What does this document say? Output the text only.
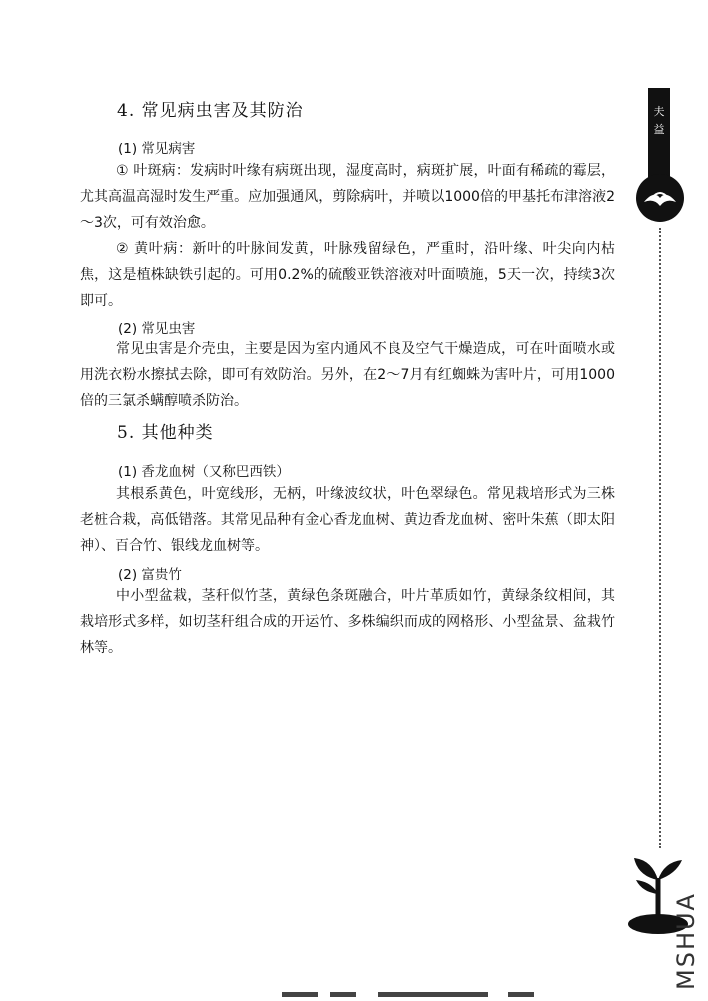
4. 常见病虫害及其防治
(1) 常见病害
① 叶斑病：发病时叶缘有病斑出现，湿度高时，病斑扩展，叶面有稀疏的霉层，尤其高温高湿时发生严重。应加强通风，剪除病叶，并喷以1000倍的甲基托布津溶液2～3次，可有效治愈。
② 黄叶病：新叶的叶脉间发黄，叶脉残留绿色，严重时，沿叶缘、叶尖向内枯焦，这是植株缺铁引起的。可用0.2%的硫酸亚铁溶液对叶面喷施，5天一次，持续3次即可。
(2) 常见虫害
常见虫害是介壳虫，主要是因为室内通风不良及空气干燥造成，可在叶面喷水或用洗衣粉水擦拭去除，即可有效防治。另外，在2～7月有红蜘蛛为害叶片，可用1000倍的三氯杀螨醇喷杀防治。
5. 其他种类
(1) 香龙血树（又称巴西铁）
其根系黄色，叶宽线形，无柄，叶缘波纹状，叶色翠绿色。常见栽培形式为三株老桩合栽，高低错落。其常见品种有金心香龙血树、黄边香龙血树、密叶朱蕉（即太阳神）、百合竹、银线龙血树等。
(2) 富贵竹
中小型盆栽，茎秆似竹茎，黄绿色条斑融合，叶片革质如竹，黄绿条纹相间，其栽培形式多样，如切茎秆组合成的开运竹、多株编织而成的网格形、小型盆景、盆栽竹林等。
夫
益
MSHUA
